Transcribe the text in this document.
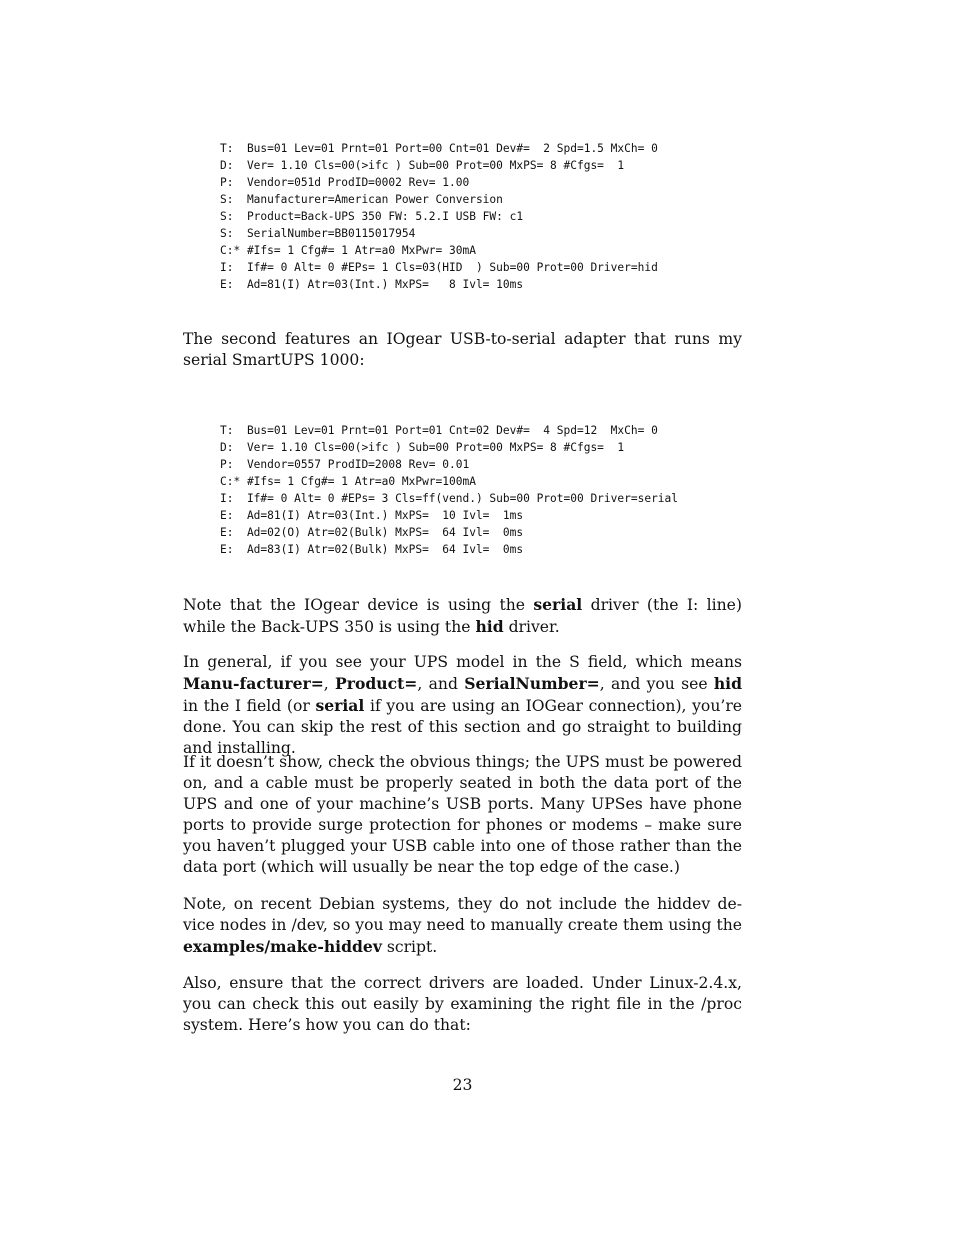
T:  Bus=01 Lev=01 Prnt=01 Port=00 Cnt=01 Dev#=  2 Spd=1.5 MxCh= 0
D:  Ver= 1.10 Cls=00(>ifc ) Sub=00 Prot=00 MxPS= 8 #Cfgs=  1
P:  Vendor=051d ProdID=0002 Rev= 1.00
S:  Manufacturer=American Power Conversion
S:  Product=Back-UPS 350 FW: 5.2.I USB FW: c1
S:  SerialNumber=BB0115017954
C:* #Ifs= 1 Cfg#= 1 Atr=a0 MxPwr= 30mA
I:  If#= 0 Alt= 0 #EPs= 1 Cls=03(HID  ) Sub=00 Prot=00 Driver=hid
E:  Ad=81(I) Atr=03(Int.) MxPS=   8 Ivl= 10ms

The second features an IOgear USB-to-serial adapter that runs my serial SmartUPS 1000:

T:  Bus=01 Lev=01 Prnt=01 Port=01 Cnt=02 Dev#=  4 Spd=12  MxCh= 0
D:  Ver= 1.10 Cls=00(>ifc ) Sub=00 Prot=00 MxPS= 8 #Cfgs=  1
P:  Vendor=0557 ProdID=2008 Rev= 0.01
C:* #Ifs= 1 Cfg#= 1 Atr=a0 MxPwr=100mA
I:  If#= 0 Alt= 0 #EPs= 3 Cls=ff(vend.) Sub=00 Prot=00 Driver=serial
E:  Ad=81(I) Atr=03(Int.) MxPS=  10 Ivl=  1ms
E:  Ad=02(O) Atr=02(Bulk) MxPS=  64 Ivl=  0ms
E:  Ad=83(I) Atr=02(Bulk) MxPS=  64 Ivl=  0ms

Note that the IOgear device is using the serial driver (the I: line) while the Back-UPS 350 is using the hid driver.

In general, if you see your UPS model in the S field, which means Manu-facturer=, Product=, and SerialNumber=, and you see hid in the I field (or serial if you are using an IOGear connection), you’re done. You can skip the rest of this section and go straight to building and installing.

If it doesn’t show, check the obvious things; the UPS must be powered on, and a cable must be properly seated in both the data port of the UPS and one of your machine’s USB ports. Many UPSes have phone ports to provide surge protection for phones or modems – make sure you haven’t plugged your USB cable into one of those rather than the data port (which will usually be near the top edge of the case.)

Note, on recent Debian systems, they do not include the hiddev de-vice nodes in /dev, so you may need to manually create them using the examples/make-hiddev script.

Also, ensure that the correct drivers are loaded. Under Linux-2.4.x, you can check this out easily by examining the right file in the /proc system. Here’s how you can do that:

23
